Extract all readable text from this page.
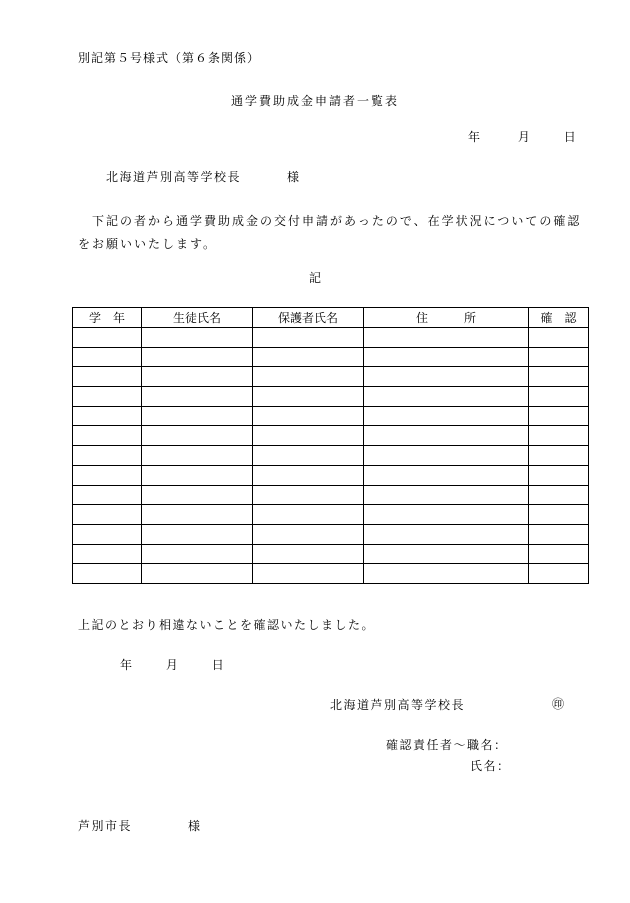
別記第５号様式（第６条関係）
通学費助成金申請者一覧表
年	月	日
北海道芦別高等学校長	様
下記の者から通学費助成金の交付申請があったので、在学状況についての確認をお願いいたします。
記
学　年	生徒氏名	保護者氏名	住　　　所	確　認

上記のとおり相違ないことを確認いたしました。
年	月	日
北海道芦別高等学校長	㊞
確認責任者〜職名：
氏名：
芦別市長	様
